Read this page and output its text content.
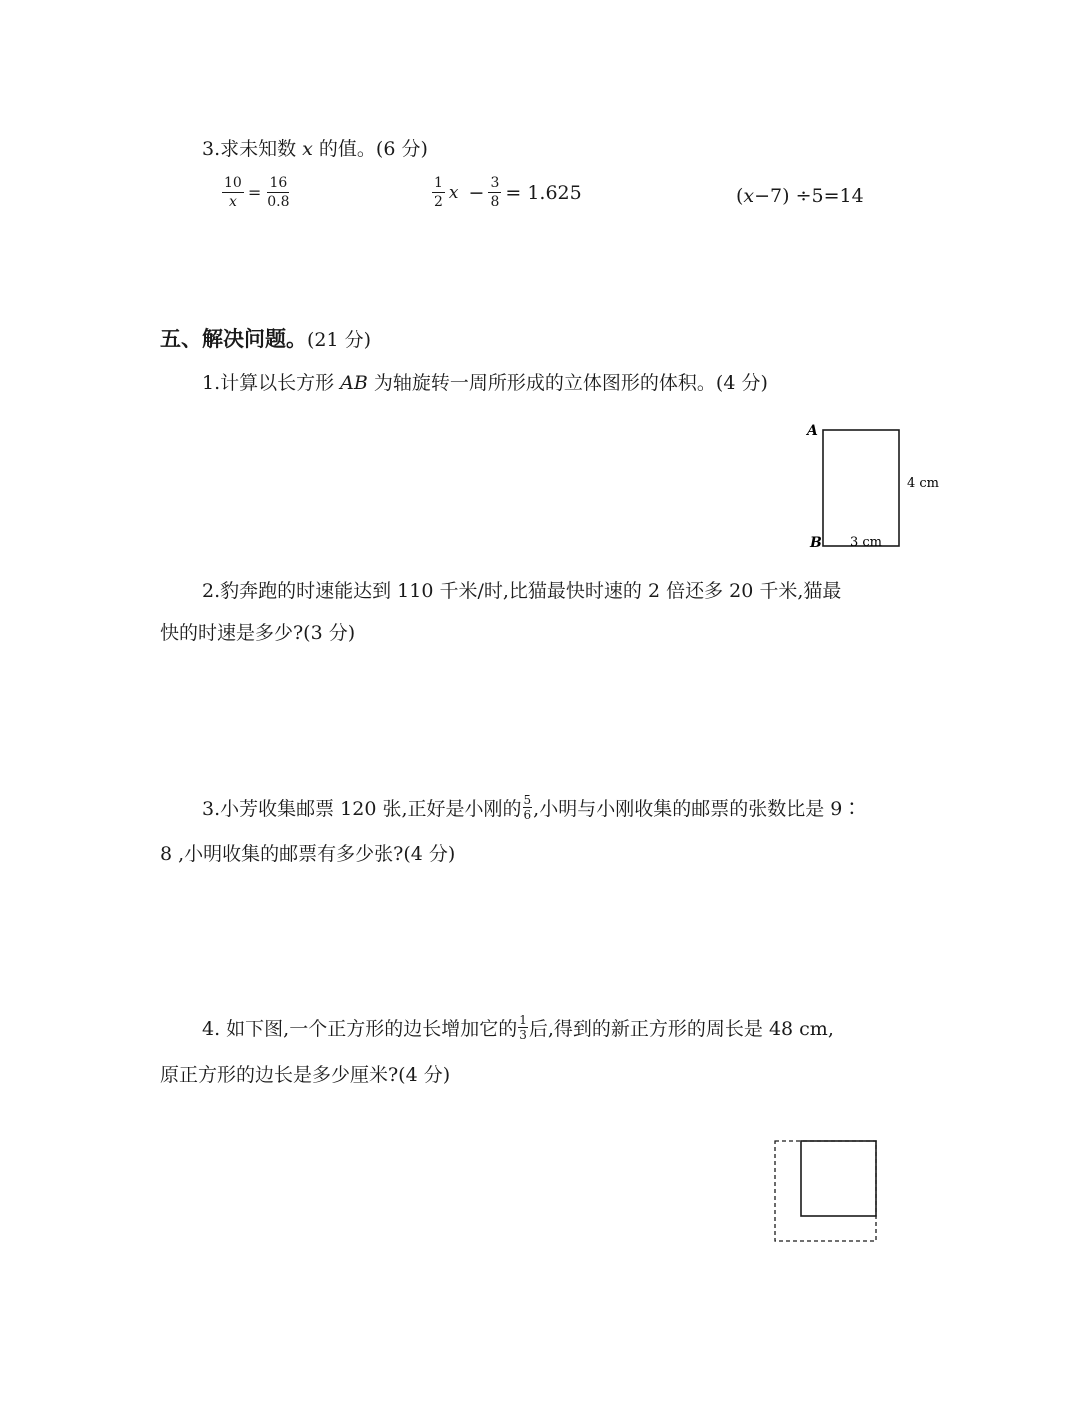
3.求未知数 x 的值。(6 分)
$\frac{10}{x} = \frac{16}{0.8}$	$\frac{1}{2}$ $x - \frac{3}{8} = 1.625$	(x−7) ÷5=14
五、解决问题。(21 分)
1.计算以长方形 AB 为轴旋转一周所形成的立体图形的体积。(4 分)
A
B
4 cm
3 cm
2.豹奔跑的时速能达到 110 千米/时,比猫最快时速的 2 倍还多 20 千米,猫最
快的时速是多少?(3 分)
3.小芳收集邮票 120 张,正好是小刚的 $\frac{5}{6}$ ,小明与小刚收集的邮票的张数比是 9∶
8 ,小明收集的邮票有多少张?(4 分)
4. 如下图,一个正方形的边长增加它的 $\frac{1}{3}$ 后,得到的新正方形的周长是 48 cm,
原正方形的边长是多少厘米?(4 分)
